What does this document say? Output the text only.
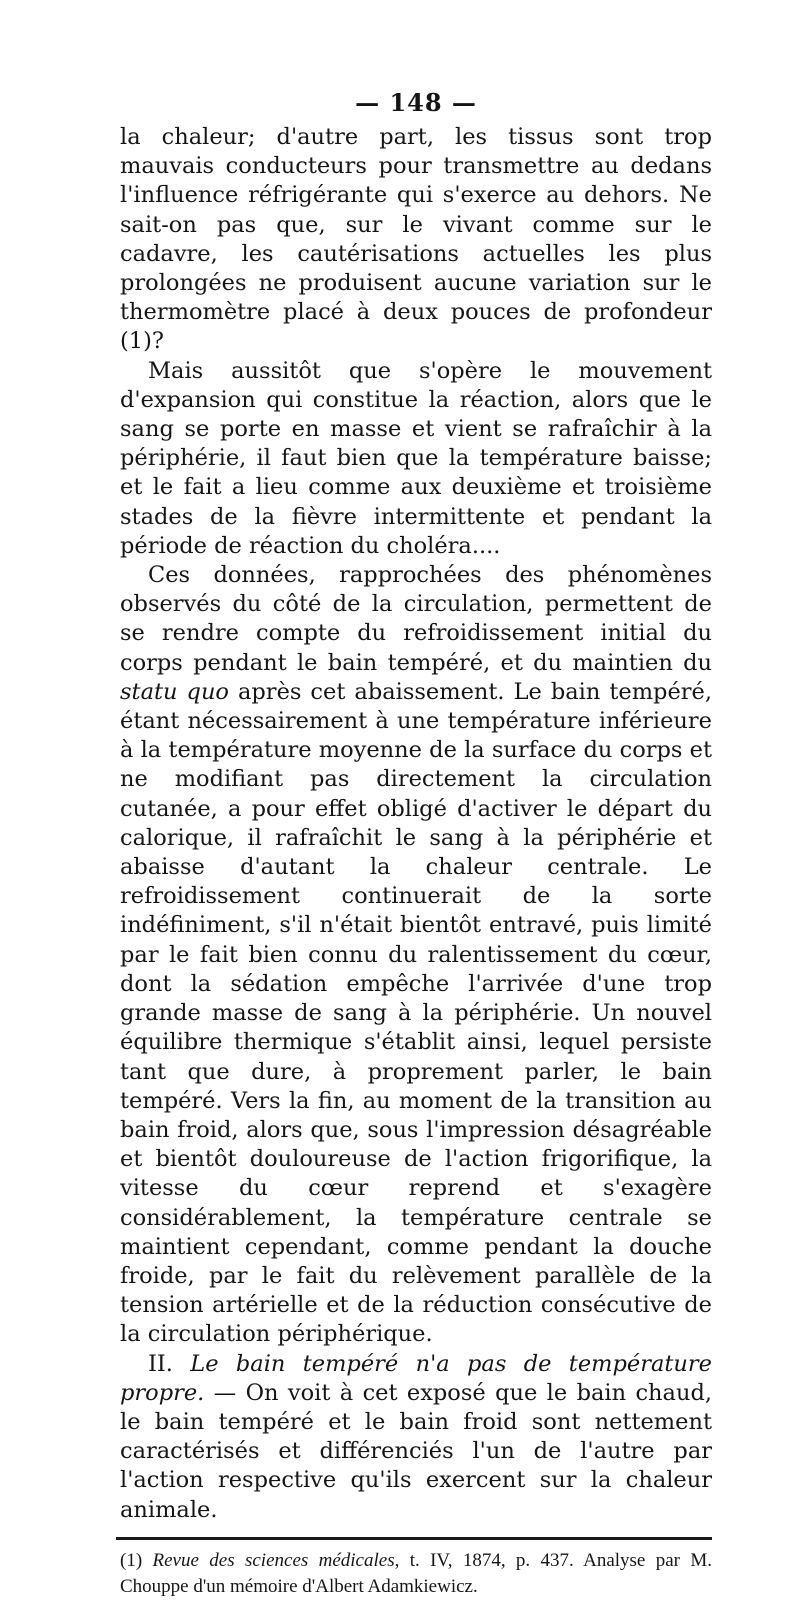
— 148 —

la chaleur; d'autre part, les tissus sont trop mauvais conducteurs pour transmettre au dedans l'influence réfrigérante qui s'exerce au dehors. Ne sait-on pas que, sur le vivant comme sur le cadavre, les cautérisations actuelles les plus prolongées ne produisent aucune variation sur le thermomètre placé à deux pouces de profondeur (1)?

Mais aussitôt que s'opère le mouvement d'expansion qui constitue la réaction, alors que le sang se porte en masse et vient se rafraîchir à la périphérie, il faut bien que la température baisse; et le fait a lieu comme aux deuxième et troisième stades de la fièvre intermittente et pendant la période de réaction du choléra....

Ces données, rapprochées des phénomènes observés du côté de la circulation, permettent de se rendre compte du refroidissement initial du corps pendant le bain tempéré, et du maintien du statu quo après cet abaissement. Le bain tempéré, étant nécessairement à une température inférieure à la température moyenne de la surface du corps et ne modifiant pas directement la circulation cutanée, a pour effet obligé d'activer le départ du calorique, il rafraîchit le sang à la périphérie et abaisse d'autant la chaleur centrale. Le refroidissement continuerait de la sorte indéfiniment, s'il n'était bientôt entravé, puis limité par le fait bien connu du ralentissement du cœur, dont la sédation empêche l'arrivée d'une trop grande masse de sang à la périphérie. Un nouvel équilibre thermique s'établit ainsi, lequel persiste tant que dure, à proprement parler, le bain tempéré. Vers la fin, au moment de la transition au bain froid, alors que, sous l'impression désagréable et bientôt douloureuse de l'action frigorifique, la vitesse du cœur reprend et s'exagère considérablement, la température centrale se maintient cependant, comme pendant la douche froide, par le fait du relèvement parallèle de la tension artérielle et de la réduction consécutive de la circulation périphérique.

II. Le bain tempéré n'a pas de température propre. — On voit à cet exposé que le bain chaud, le bain tempéré et le bain froid sont nettement caractérisés et différenciés l'un de l'autre par l'action respective qu'ils exercent sur la chaleur animale.

(1) Revue des sciences médicales, t. IV, 1874, p. 437. Analyse par M. Chouppe d'un mémoire d'Albert Adamkiewicz.
